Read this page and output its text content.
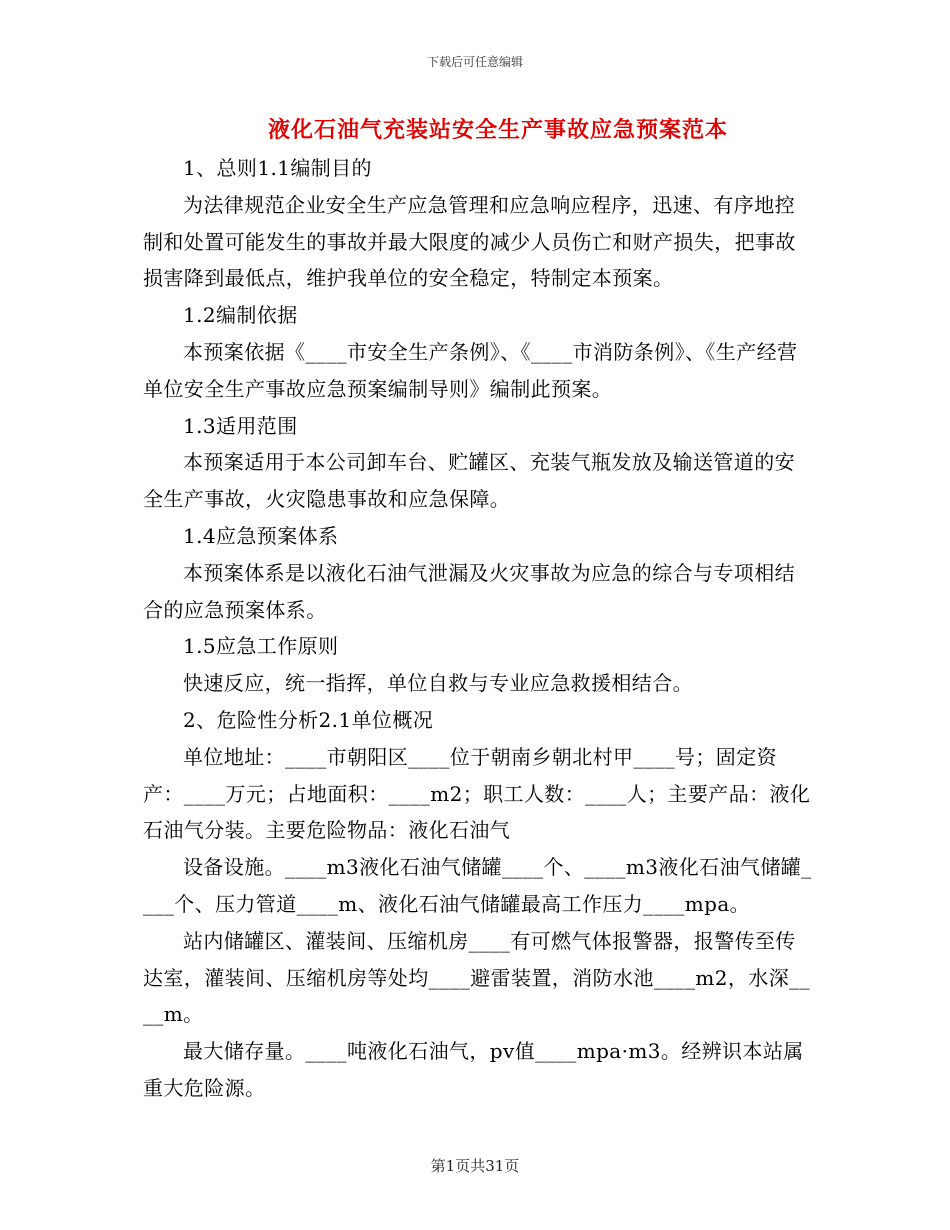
下载后可任意编辑
液化石油气充装站安全生产事故应急预案范本

1、总则1.1编制目的

为法律规范企业安全生产应急管理和应急响应程序，迅速、有序地控制和处置可能发生的事故并最大限度的减少人员伤亡和财产损失，把事故损害降到最低点，维护我单位的安全稳定，特制定本预案。

1.2编制依据

本预案依据《____市安全生产条例》、《____市消防条例》、《生产经营单位安全生产事故应急预案编制导则》编制此预案。

1.3适用范围

本预案适用于本公司卸车台、贮罐区、充装气瓶发放及输送管道的安全生产事故，火灾隐患事故和应急保障。

1.4应急预案体系

本预案体系是以液化石油气泄漏及火灾事故为应急的综合与专项相结合的应急预案体系。

1.5应急工作原则

快速反应，统一指挥，单位自救与专业应急救援相结合。

2、危险性分析2.1单位概况

单位地址：____市朝阳区____位于朝南乡朝北村甲____号；固定资产：____万元；占地面积：____m2；职工人数：____人；主要产品：液化石油气分装。主要危险物品：液化石油气

设备设施。____m3液化石油气储罐____个、____m3液化石油气储罐____个、压力管道____m、液化石油气储罐最高工作压力____mpa。

站内储罐区、灌装间、压缩机房____有可燃气体报警器，报警传至传达室，灌装间、压缩机房等处均____避雷装置，消防水池____m2，水深____m。

最大储存量。____吨液化石油气，pv值____mpa·m3。经辨识本站属重大危险源。

第1页共31页
